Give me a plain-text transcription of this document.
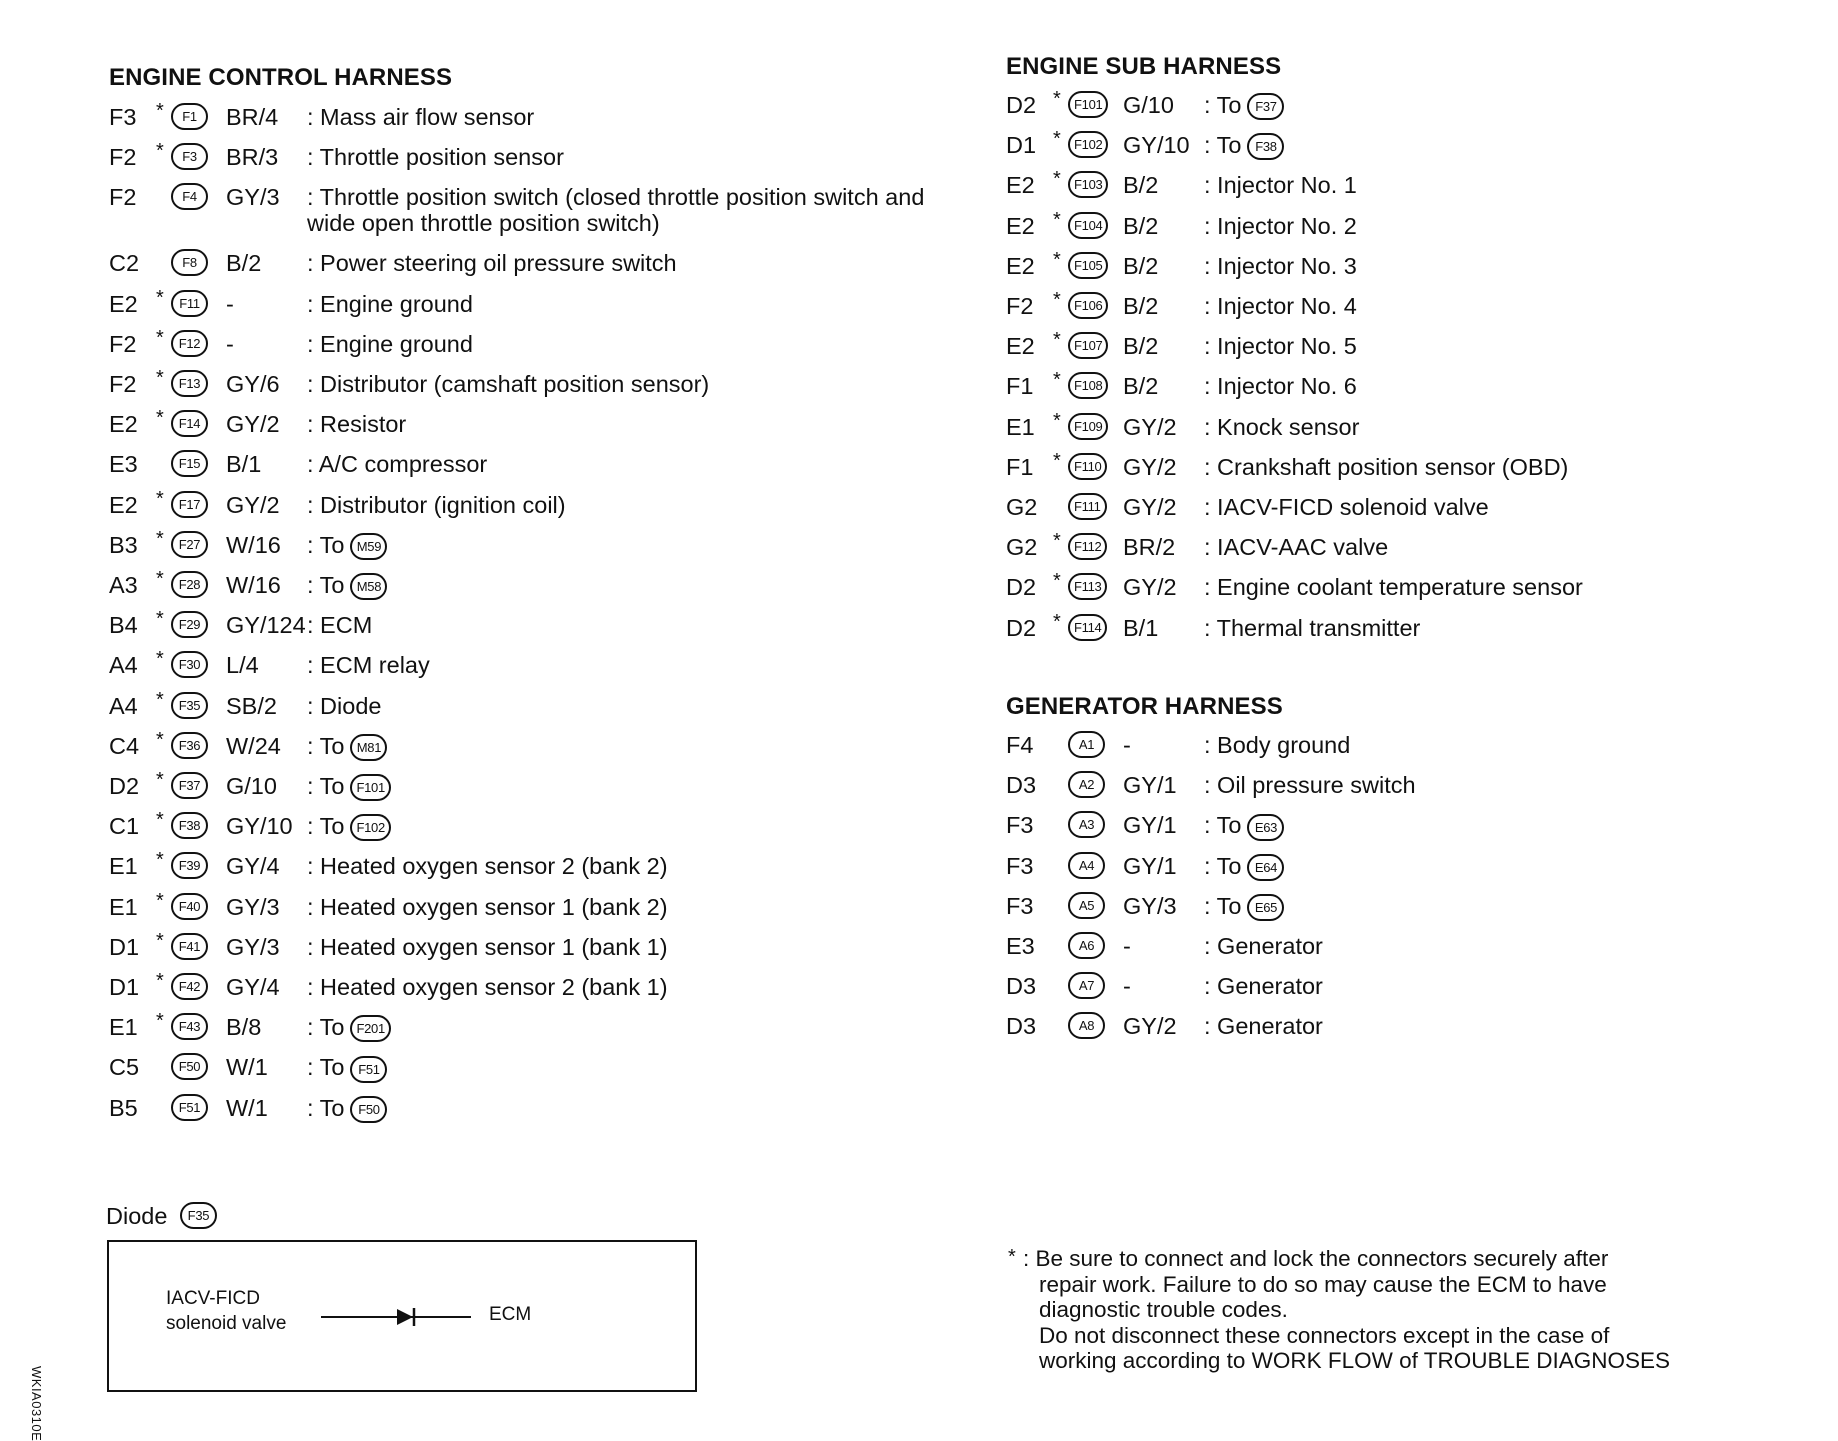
ENGINE CONTROL HARNESS
F3 *	F1	BR/4 : Mass air flow sensor
F2 *	F3	BR/3 : Throttle position sensor
F2	F4	GY/3 : Throttle position switch (closed throttle position switch and wide open throttle position switch)
C2	F8	B/2 : Power steering oil pressure switch
E2 *	F11	-	: Engine ground
F2 *	F12	-	: Engine ground
F2 *	F13	GY/6 : Distributor (camshaft position sensor)
E2 *	F14	GY/2 : Resistor
E3	F15	B/1 : A/C compressor
E2 *	F17	GY/2 : Distributor (ignition coil)
B3 *	F27	W/16 : To M59
A3 *	F28	W/16 : To M58
B4 *	F29	GY/124 : ECM
A4 *	F30	L/4 : ECM relay
A4 *	F35	SB/2 : Diode
C4 *	F36	W/24 : To M81
D2 *	F37	G/10 : To F101
C1 *	F38	GY/10 : To F102
E1 *	F39	GY/4 : Heated oxygen sensor 2 (bank 2)
E1 *	F40	GY/3 : Heated oxygen sensor 1 (bank 2)
D1 *	F41	GY/3 : Heated oxygen sensor 1 (bank 1)
D1 *	F42	GY/4 : Heated oxygen sensor 2 (bank 1)
E1 *	F43	B/8 : To F201
C5	F50	W/1 : To F51
B5	F51	W/1 : To F50
ENGINE SUB HARNESS
D2 *	F101 G/10 : To F37
D1 *	F102 GY/10 : To F38
E2 *	F103 B/2 : Injector No. 1
E2 *	F104 B/2 : Injector No. 2
E2 *	F105 B/2 : Injector No. 3
F2 *	F106 B/2 : Injector No. 4
E2 *	F107 B/2 : Injector No. 5
F1 *	F108 B/2 : Injector No. 6
E1 *	F109 GY/2 : Knock sensor
F1 *	F110 GY/2 : Crankshaft position sensor (OBD)
G2	F111 GY/2 : IACV-FICD solenoid valve
G2 *	F112 BR/2 : IACV-AAC valve
D2 *	F113 GY/2 : Engine coolant temperature sensor
D2 *	F114 B/1 : Thermal transmitter
GENERATOR HARNESS
F4	A1	-	: Body ground
D3	A2	GY/1 : Oil pressure switch
F3	A3	GY/1 : To E63
F3	A4	GY/1 : To E64
F3	A5	GY/3 : To E65
E3	A6	-	: Generator
D3	A7	-	: Generator
D3	A8	GY/2 : Generator
Diode F35
IACV-FICD
solenoid valve	ECM
* : Be sure to connect and lock the connectors securely after
repair work. Failure to do so may cause the ECM to have
diagnostic trouble codes.
Do not disconnect these connectors except in the case of
working according to WORK FLOW of TROUBLE DIAGNOSES
WKIA0310E
